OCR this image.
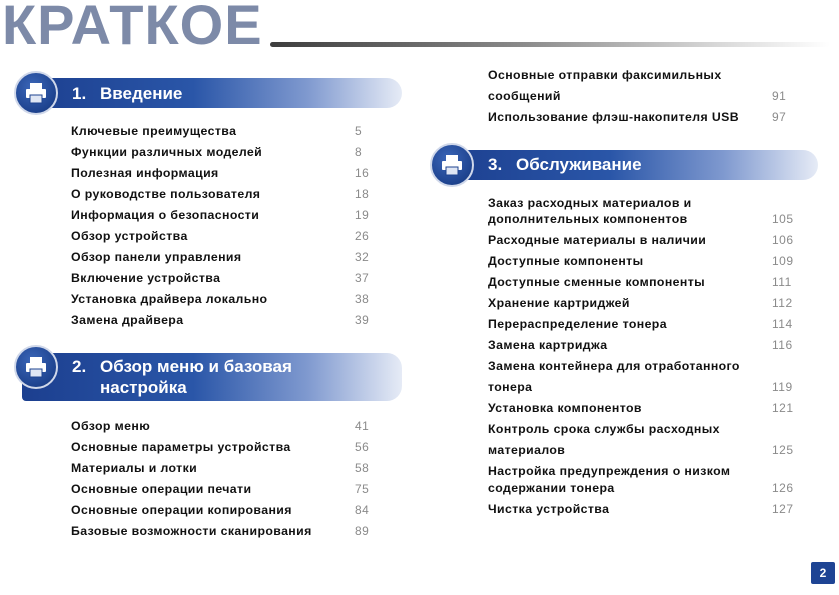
КРАТКОЕ
1. Введение
Ключевые преимущества	5
Функции различных моделей	8
Полезная информация	16
О руководстве пользователя	18
Информация о безопасности	19
Обзор устройства	26
Обзор панели управления	32
Включение устройства	37
Установка драйвера локально	38
Замена драйвера	39
2. Обзор меню и базовая
настройка
Обзор меню	41
Основные параметры устройства	56
Материалы и лотки	58
Основные операции печати	75
Основные операции копирования	84
Базовые возможности сканирования	89
Основные отправки факсимильных
сообщений	91
Использование флэш-накопителя USB	97
3. Обслуживание
Заказ расходных материалов и
дополнительных компонентов	105
Расходные материалы в наличии	106
Доступные компоненты	109
Доступные сменные компоненты	111
Хранение картриджей	112
Перераспределение тонера	114
Замена картриджа	116
Замена контейнера для отработанного
тонера	119
Установка компонентов	121
Контроль срока службы расходных
материалов	125
Настройка предупреждения о низком
содержании тонера	126
Чистка устройства	127
2
